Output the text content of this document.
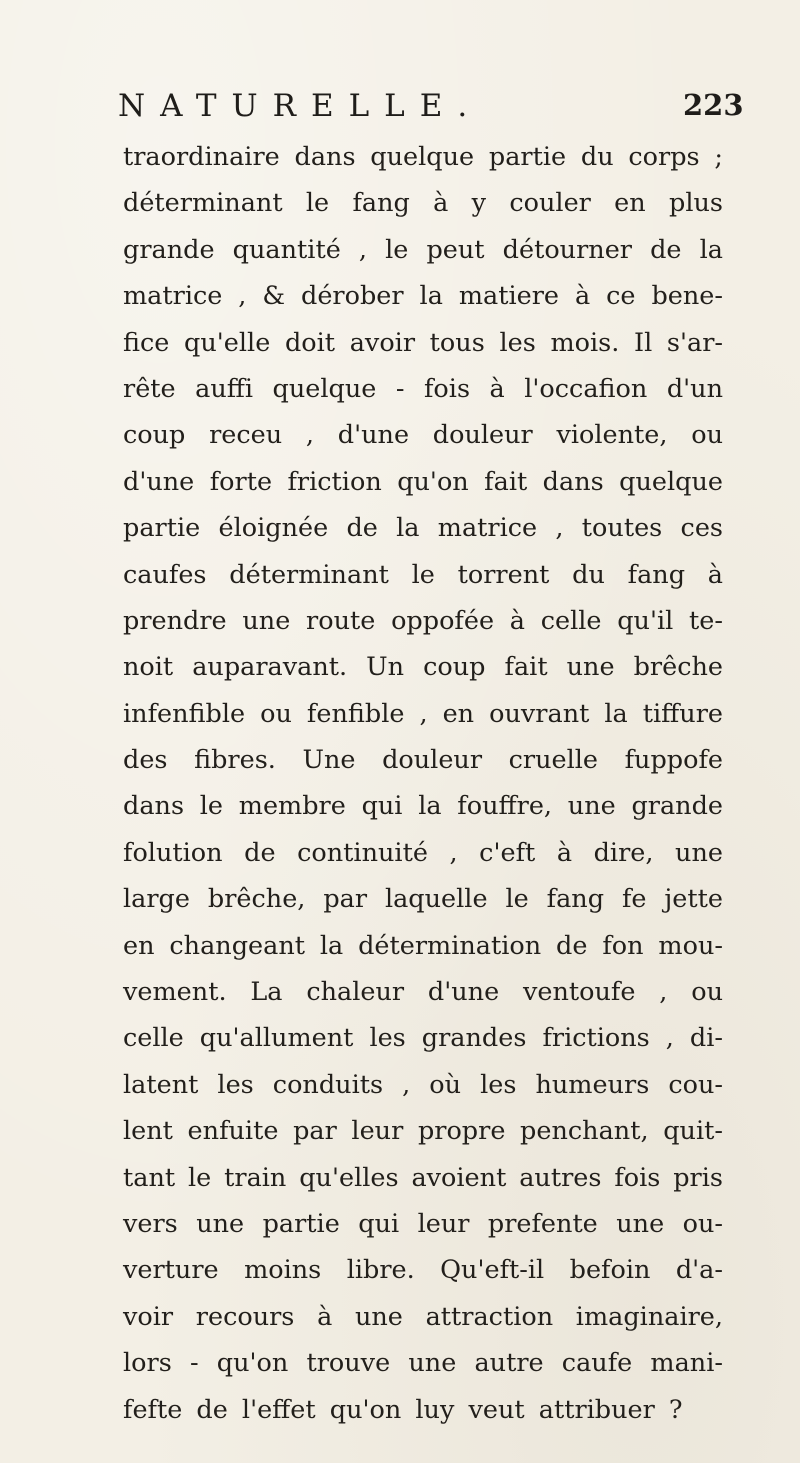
NATURELLE.	223
traordinaire dans quelque partie du corps ;
déterminant le fang à y couler en plus
grande quantité , le peut détourner de la
matrice , & dérober la matiere à ce bene-
fice qu'elle doit avoir tous les mois. Il s'ar-
rête auffi quelque - fois à l'occafion d'un
coup receu , d'une douleur violente, ou
d'une forte friction qu'on fait dans quelque
partie éloignée de la matrice , toutes ces
caufes déterminant le torrent du fang à
prendre une route oppofée à celle qu'il te-
noit auparavant. Un coup fait une brêche
infenfible ou fenfible , en ouvrant la tiffure
des fibres. Une douleur cruelle fuppofe
dans le membre qui la fouffre, une grande
folution de continuité , c'eft à dire, une
large brêche, par laquelle le fang fe jette
en changeant la détermination de fon mou-
vement. La chaleur d'une ventoufe , ou
celle qu'allument les grandes frictions , di-
latent les conduits , où les humeurs cou-
lent enfuite par leur propre penchant, quit-
tant le train qu'elles avoient autres fois pris
vers une partie qui leur prefente une ou-
verture moins libre. Qu'eft-il befoin d'a-
voir recours à une attraction imaginaire,
lors - qu'on trouve une autre caufe mani-
fefte de l'effet qu'on luy veut attribuer ?
